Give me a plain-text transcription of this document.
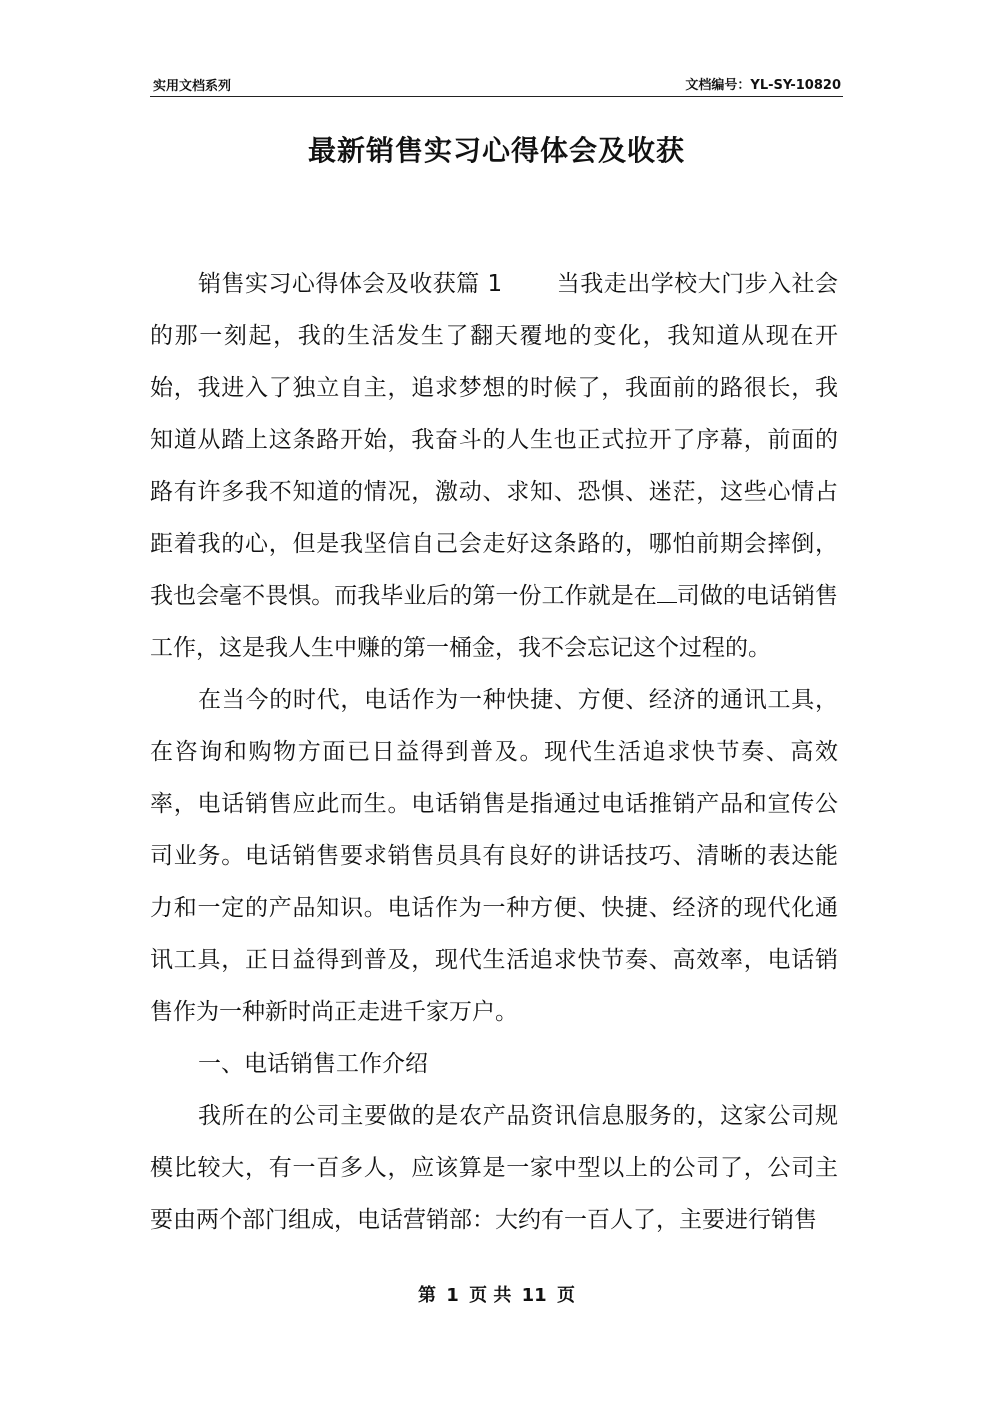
实用文档系列	文档编号：YL-SY-10820
最新销售实习心得体会及收获

销售实习心得体会及收获篇 1 　　当我走出学校大门步入社会的那一刻起，我的生活发生了翻天覆地的变化，我知道从现在开始，我进入了独立自主，追求梦想的时候了，我面前的路很长，我知道从踏上这条路开始，我奋斗的人生也正式拉开了序幕，前面的路有许多我不知道的情况，激动、求知、恐惧、迷茫，这些心情占距着我的心，但是我坚信自己会走好这条路的，哪怕前期会摔倒，我也会毫不畏惧。而我毕业后的第一份工作就是在 司做的电话销售工作，这是我人生中赚的第一桶金，我不会忘记这个过程的。

在当今的时代，电话作为一种快捷、方便、经济的通讯工具，在咨询和购物方面已日益得到普及。现代生活追求快节奏、高效率，电话销售应此而生。电话销售是指通过电话推销产品和宣传公司业务。电话销售要求销售员具有良好的讲话技巧、清晰的表达能力和一定的产品知识。电话作为一种方便、快捷、经济的现代化通讯工具，正日益得到普及，现代生活追求快节奏、高效率，电话销售作为一种新时尚正走进千家万户。

一、电话销售工作介绍

我所在的公司主要做的是农产品资讯信息服务的，这家公司规模比较大，有一百多人，应该算是一家中型以上的公司了，公司主要由两个部门组成，电话营销部：大约有一百人了，主要进行销售

第 1 页 共 11 页
